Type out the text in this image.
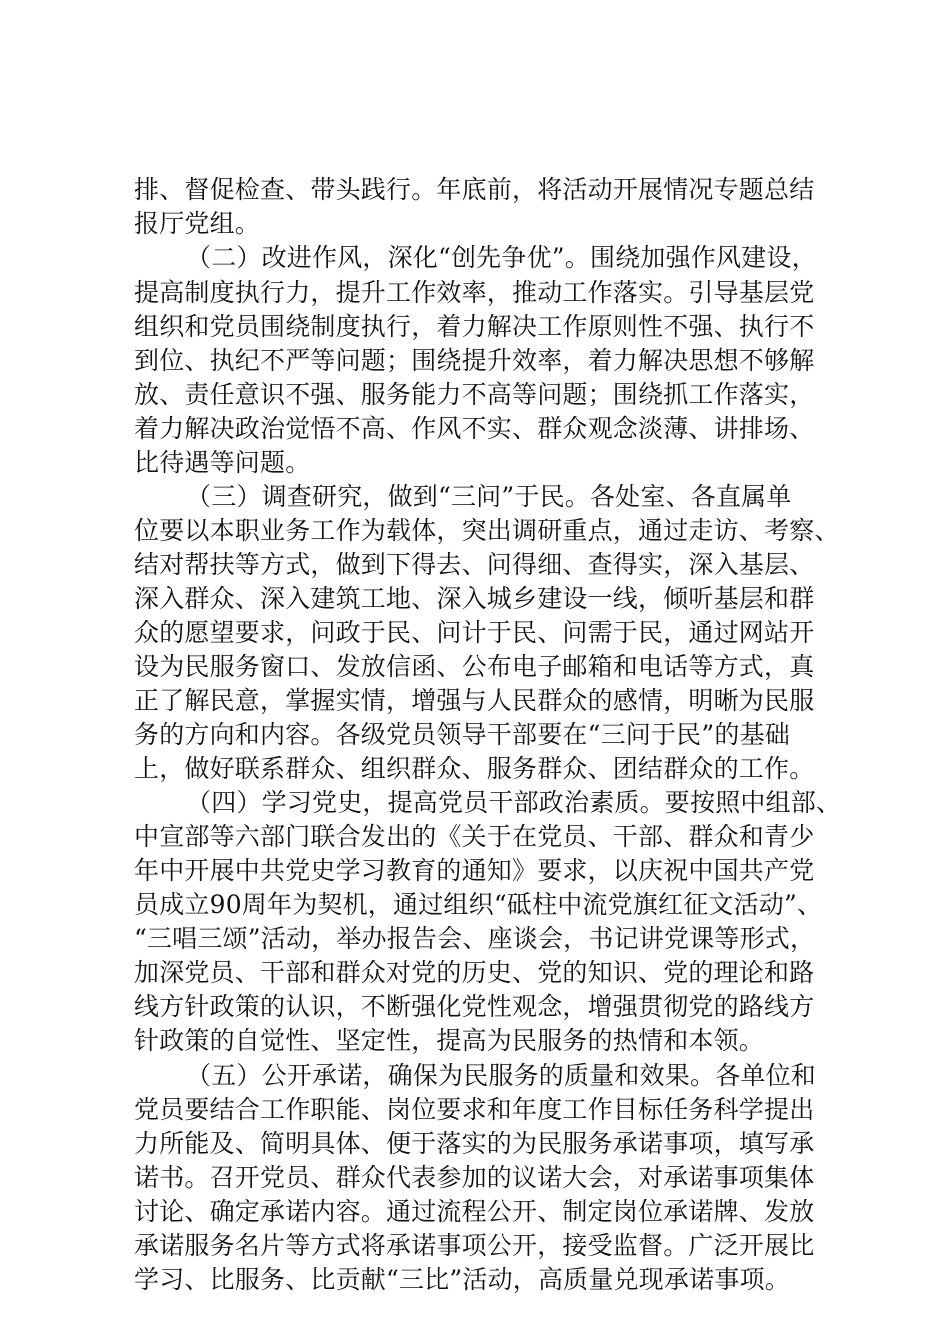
排、督促检查、带头践行。年底前，将活动开展情况专题总结
报厅党组。
（二）改进作风，深化“创先争优”。围绕加强作风建设，
提高制度执行力，提升工作效率，推动工作落实。引导基层党
组织和党员围绕制度执行，着力解决工作原则性不强、执行不
到位、执纪不严等问题；围绕提升效率，着力解决思想不够解
放、责任意识不强、服务能力不高等问题；围绕抓工作落实，
着力解决政治觉悟不高、作风不实、群众观念淡薄、讲排场、
比待遇等问题。
（三）调查研究，做到“三问”于民。各处室、各直属单
位要以本职业务工作为载体，突出调研重点，通过走访、考察、
结对帮扶等方式，做到下得去、问得细、查得实，深入基层、
深入群众、深入建筑工地、深入城乡建设一线，倾听基层和群
众的愿望要求，问政于民、问计于民、问需于民，通过网站开
设为民服务窗口、发放信函、公布电子邮箱和电话等方式，真
正了解民意，掌握实情，增强与人民群众的感情，明晰为民服
务的方向和内容。各级党员领导干部要在“三问于民”的基础
上，做好联系群众、组织群众、服务群众、团结群众的工作。
（四）学习党史，提高党员干部政治素质。要按照中组部、
中宣部等六部门联合发出的《关于在党员、干部、群众和青少
年中开展中共党史学习教育的通知》要求，以庆祝中国共产党
员成立90周年为契机，通过组织“砥柱中流党旗红征文活动”、
“三唱三颂”活动，举办报告会、座谈会，书记讲党课等形式，
加深党员、干部和群众对党的历史、党的知识、党的理论和路
线方针政策的认识，不断强化党性观念，增强贯彻党的路线方
针政策的自觉性、坚定性，提高为民服务的热情和本领。
（五）公开承诺，确保为民服务的质量和效果。各单位和
党员要结合工作职能、岗位要求和年度工作目标任务科学提出
力所能及、简明具体、便于落实的为民服务承诺事项，填写承
诺书。召开党员、群众代表参加的议诺大会，对承诺事项集体
讨论、确定承诺内容。通过流程公开、制定岗位承诺牌、发放
承诺服务名片等方式将承诺事项公开，接受监督。广泛开展比
学习、比服务、比贡献“三比”活动，高质量兑现承诺事项。
